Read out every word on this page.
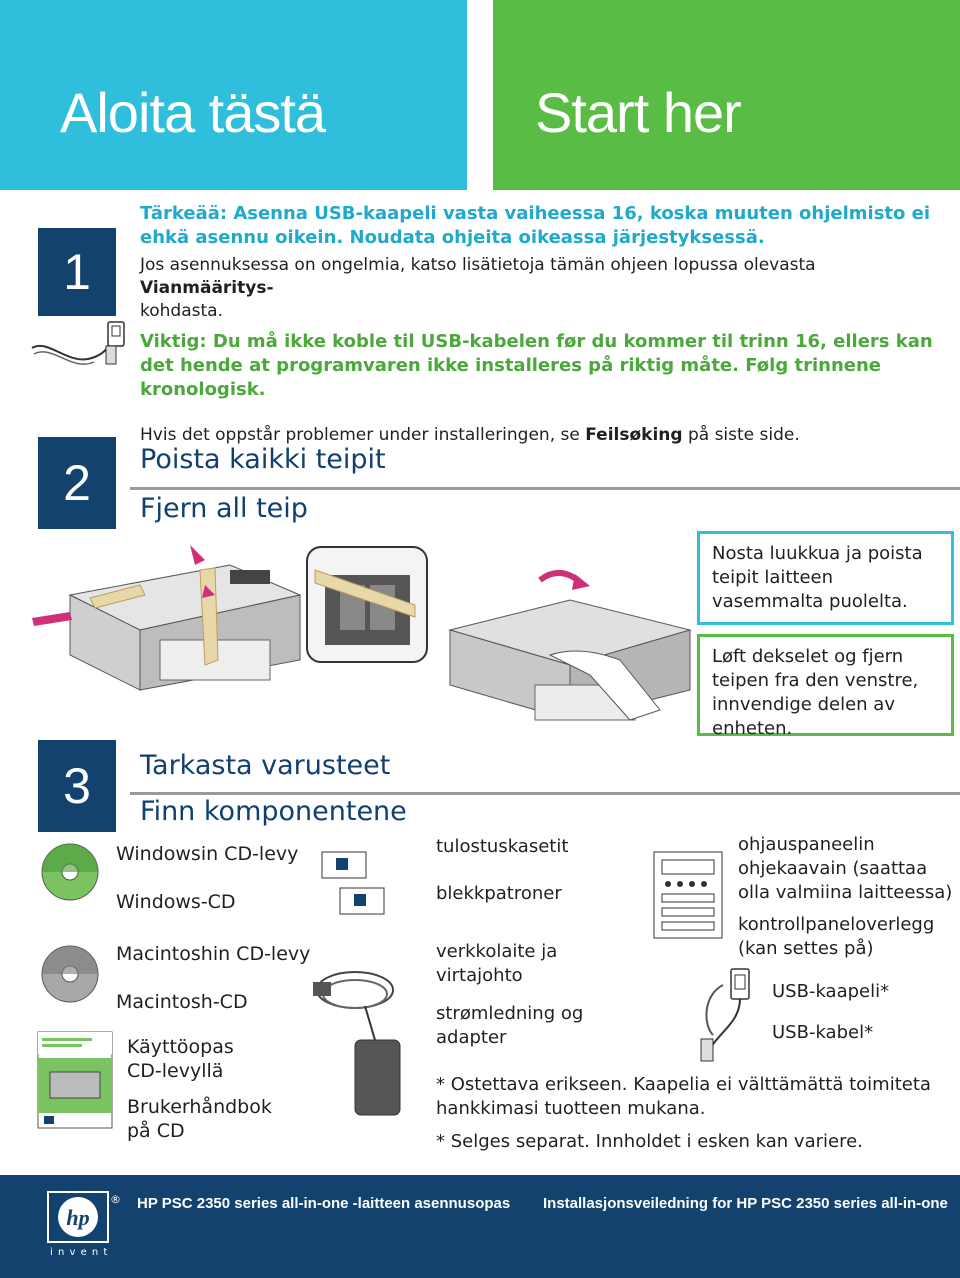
Aloita tästä	Start her
1
Tärkeää: Asenna USB-kaapeli vasta vaiheessa 16, koska muuten ohjelmisto ei ehkä asennu oikein. Noudata ohjeita oikeassa järjestyksessä.
Jos asennuksessa on ongelmia, katso lisätietoja tämän ohjeen lopussa olevasta Vianmääritys-
kohdasta.
Viktig: Du må ikke koble til USB-kabelen før du kommer til trinn 16, ellers kan det hende at programvaren ikke installeres på riktig måte. Følg trinnene kronologisk.
Hvis det oppstår problemer under installeringen, se Feilsøking på siste side.
2	Poista kaikki teipit
Fjern all teip
Nosta luukkua ja poista teipit laitteen vasemmalta puolelta.
Løft dekselet og fjern teipen fra den venstre, innvendige delen av enheten.
3	Tarkasta varusteet
Finn komponentene
Windowsin CD-levy
Windows-CD
Macintoshin CD-levy
Macintosh-CD
Käyttöopas
CD-levyllä
Brukerhåndbok
på CD
tulostuskasetit
blekkpatroner
verkkolaite ja
virtajohto
strømledning og
adapter
ohjauspaneelin
ohjekaavain (saattaa
olla valmiina laitteessa)
kontrollpaneloverlegg
(kan settes på)
USB-kaapeli*
USB-kabel*
* Ostettava erikseen. Kaapelia ei välttämättä toimiteta hankkimasi tuotteen mukana.
* Selges separat. Innholdet i esken kan variere.
hp
®
i n v e n t
HP PSC 2350 series all-in-one -laitteen asennusopas Installasjonsveiledning for HP PSC 2350 series all-in-one
